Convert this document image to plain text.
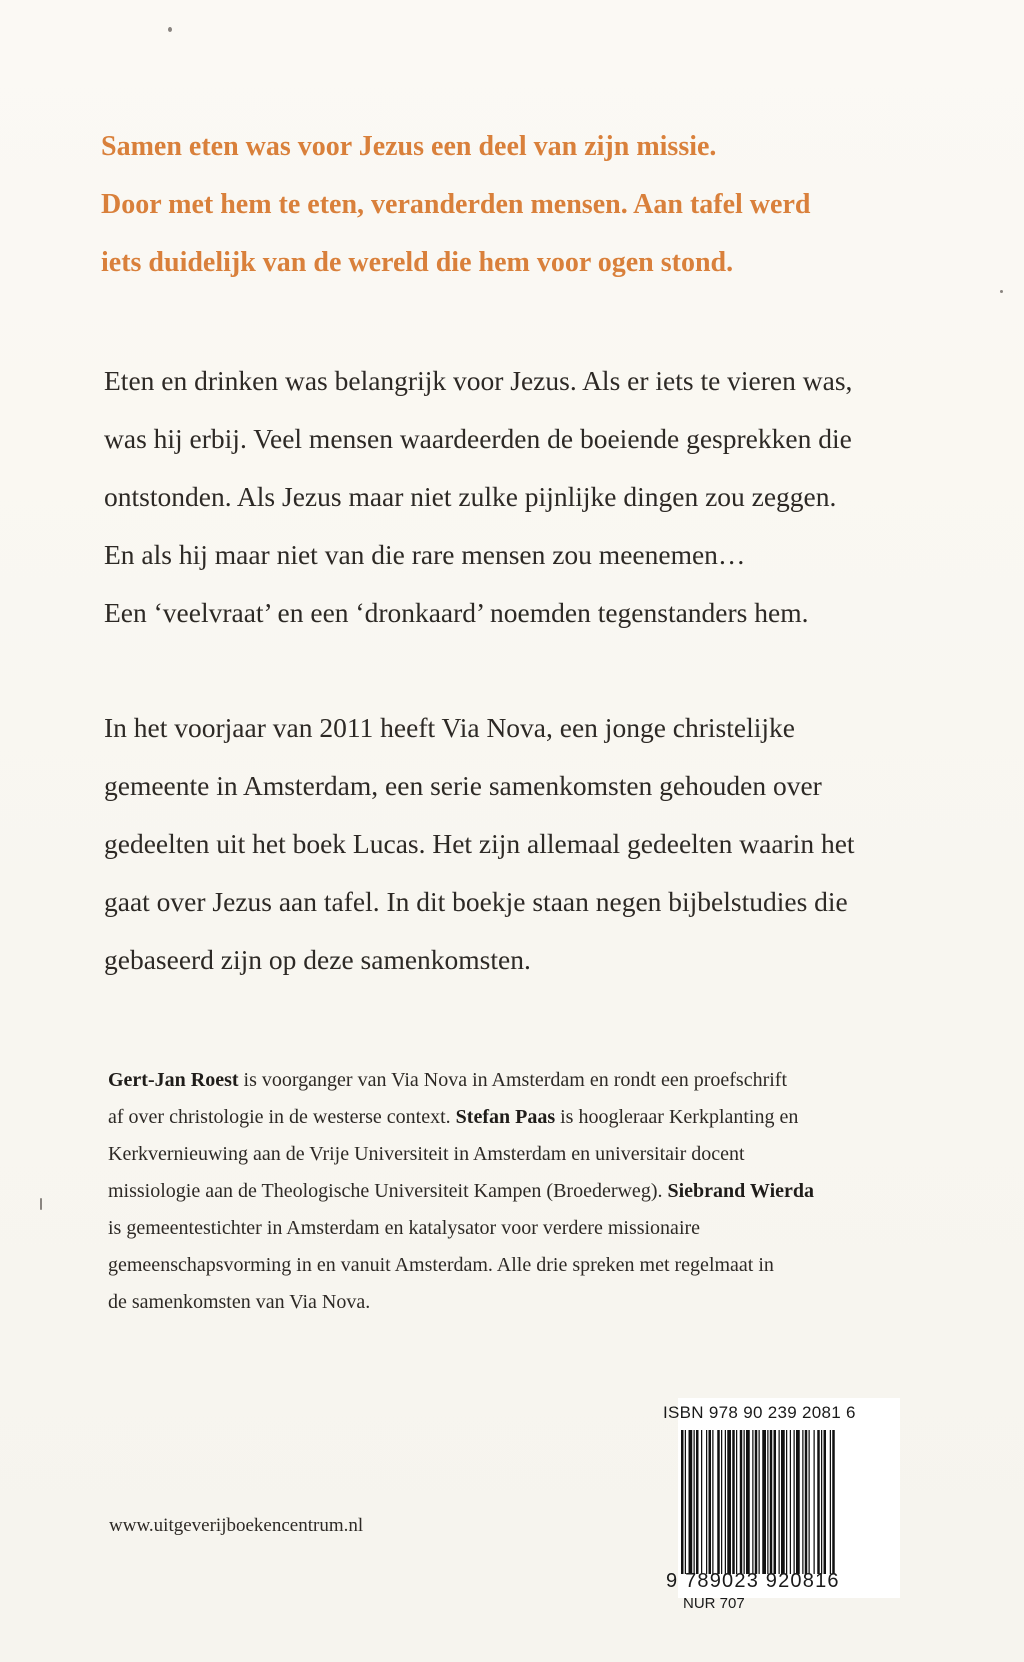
Samen eten was voor Jezus een deel van zijn missie.
Door met hem te eten, veranderden mensen. Aan tafel werd
iets duidelijk van de wereld die hem voor ogen stond.
Eten en drinken was belangrijk voor Jezus. Als er iets te vieren was,
was hij erbij. Veel mensen waardeerden de boeiende gesprekken die
ontstonden. Als Jezus maar niet zulke pijnlijke dingen zou zeggen.
En als hij maar niet van die rare mensen zou meenemen…
Een ‘veelvraat’ en een ‘dronkaard’ noemden tegenstanders hem.
In het voorjaar van 2011 heeft Via Nova, een jonge christelijke
gemeente in Amsterdam, een serie samenkomsten gehouden over
gedeelten uit het boek Lucas. Het zijn allemaal gedeelten waarin het
gaat over Jezus aan tafel. In dit boekje staan negen bijbelstudies die
gebaseerd zijn op deze samenkomsten.
Gert-Jan Roest is voorganger van Via Nova in Amsterdam en rondt een proefschrift
af over christologie in de westerse context. Stefan Paas is hoogleraar Kerkplanting en
Kerkvernieuwing aan de Vrije Universiteit in Amsterdam en universitair docent
missiologie aan de Theologische Universiteit Kampen (Broederweg). Siebrand Wierda
is gemeentestichter in Amsterdam en katalysator voor verdere missionaire
gemeenschapsvorming in en vanuit Amsterdam. Alle drie spreken met regelmaat in
de samenkomsten van Via Nova.
www.uitgeverijboekencentrum.nl
ISBN 978 90 239 2081 6
9 789023 920816
NUR 707
